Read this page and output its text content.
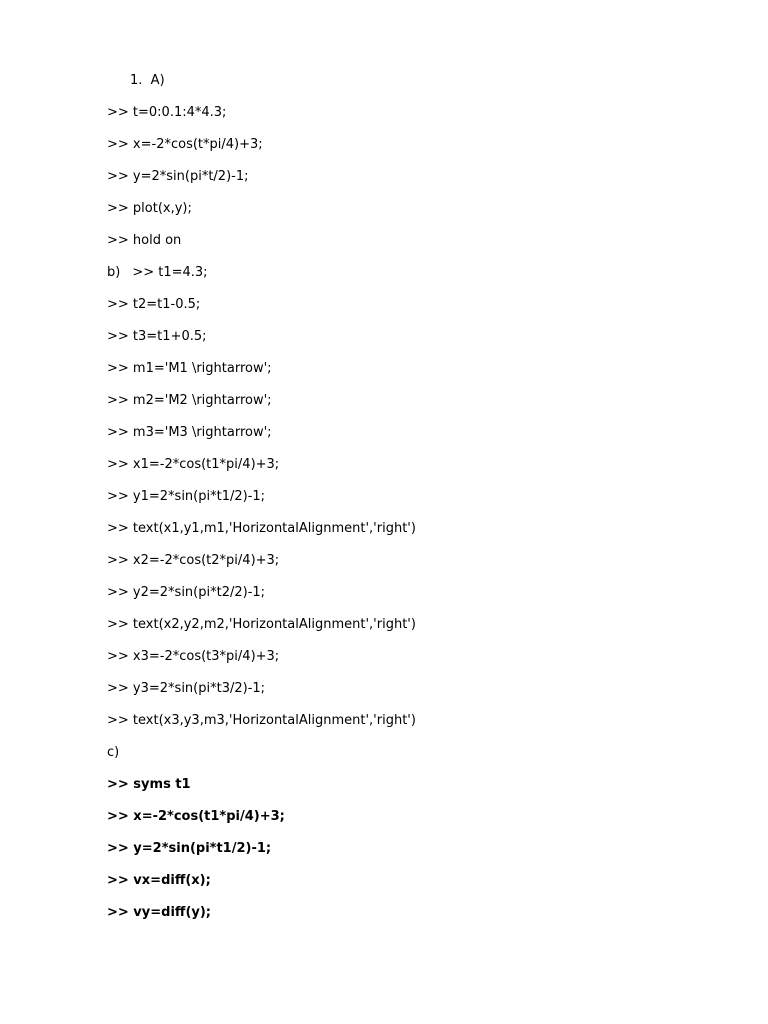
1. A)
>> t=0:0.1:4*4.3;
>> x=-2*cos(t*pi/4)+3;
>> y=2*sin(pi*t/2)-1;
>> plot(x,y);
>> hold on
b) >> t1=4.3;
>> t2=t1-0.5;
>> t3=t1+0.5;
>> m1='M1 \rightarrow';
>> m2='M2 \rightarrow';
>> m3='M3 \rightarrow';
>> x1=-2*cos(t1*pi/4)+3;
>> y1=2*sin(pi*t1/2)-1;
>> text(x1,y1,m1,'HorizontalAlignment','right')
>> x2=-2*cos(t2*pi/4)+3;
>> y2=2*sin(pi*t2/2)-1;
>> text(x2,y2,m2,'HorizontalAlignment','right')
>> x3=-2*cos(t3*pi/4)+3;
>> y3=2*sin(pi*t3/2)-1;
>> text(x3,y3,m3,'HorizontalAlignment','right')
c)
>> syms t1
>> x=-2*cos(t1*pi/4)+3;
>> y=2*sin(pi*t1/2)-1;
>> vx=diff(x);
>> vy=diff(y);
